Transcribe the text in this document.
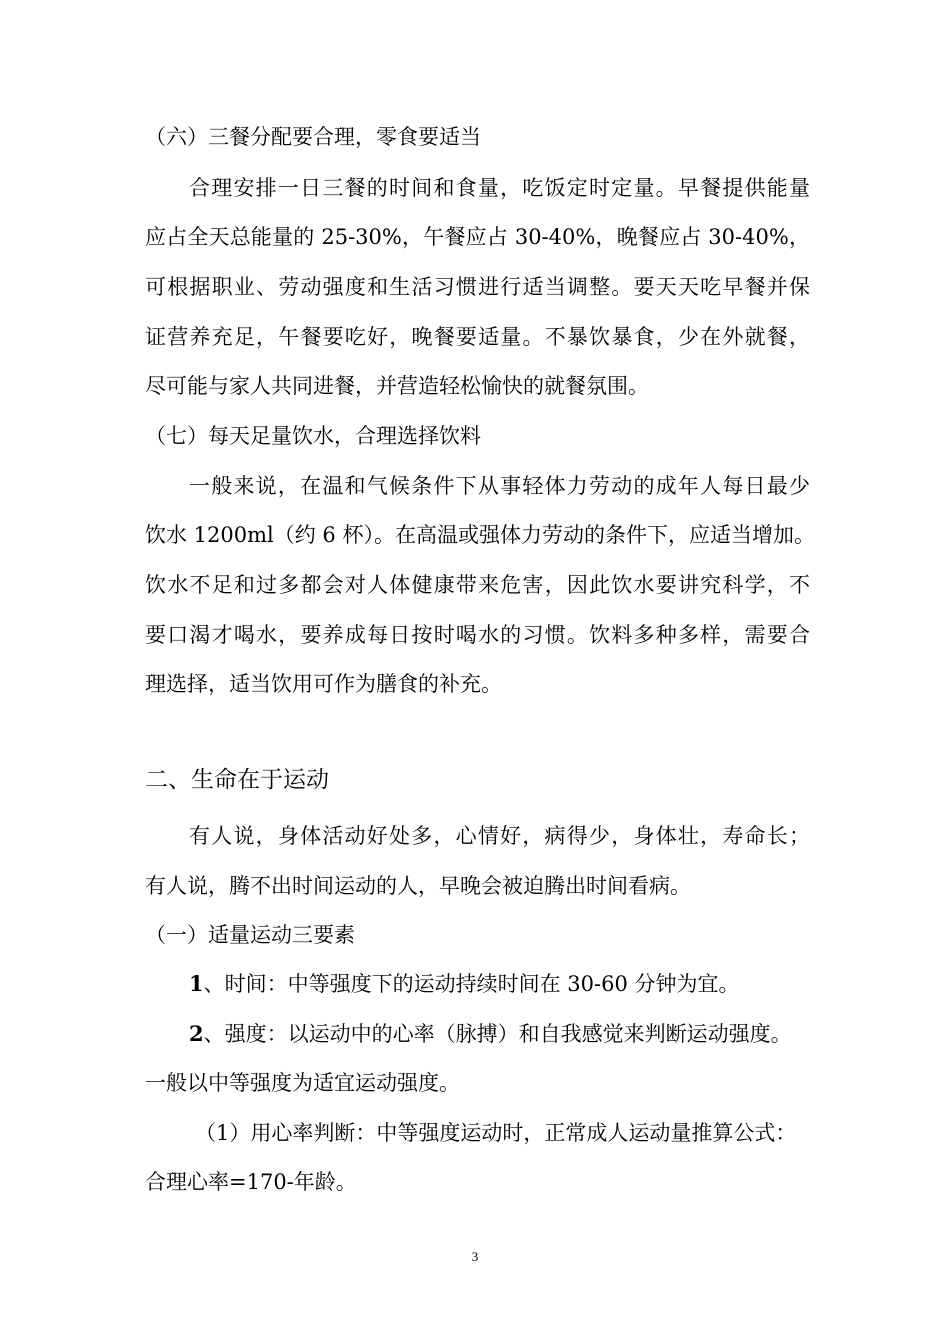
（六）三餐分配要合理，零食要适当
合理安排一日三餐的时间和食量，吃饭定时定量。早餐提供能量
应占全天总能量的 25-30%，午餐应占 30-40%，晚餐应占 30-40%，
可根据职业、劳动强度和生活习惯进行适当调整。要天天吃早餐并保
证营养充足，午餐要吃好，晚餐要适量。不暴饮暴食，少在外就餐，
尽可能与家人共同进餐，并营造轻松愉快的就餐氛围。
（七）每天足量饮水，合理选择饮料
一般来说，在温和气候条件下从事轻体力劳动的成年人每日最少
饮水 1200ml（约 6 杯）。在高温或强体力劳动的条件下，应适当增加。
饮水不足和过多都会对人体健康带来危害，因此饮水要讲究科学，不
要口渴才喝水，要养成每日按时喝水的习惯。饮料多种多样，需要合
理选择，适当饮用可作为膳食的补充。
二、生命在于运动
有人说，身体活动好处多，心情好，病得少，身体壮，寿命长；
有人说，腾不出时间运动的人，早晚会被迫腾出时间看病。
（一）适量运动三要素
1、时间：中等强度下的运动持续时间在 30-60 分钟为宜。
2、强度：以运动中的心率（脉搏）和自我感觉来判断运动强度。
一般以中等强度为适宜运动强度。
（1）用心率判断：中等强度运动时，正常成人运动量推算公式：
合理心率=170-年龄。
3
